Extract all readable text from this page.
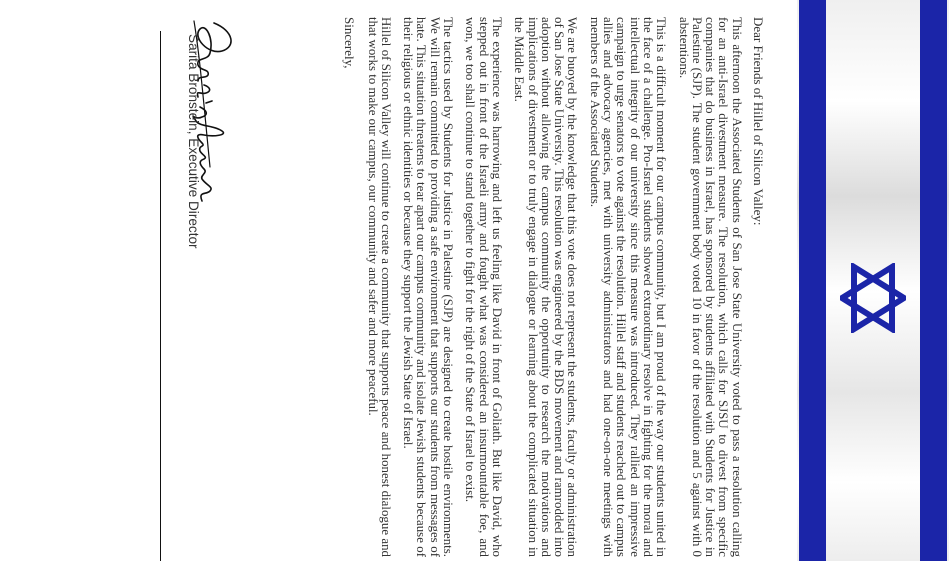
Dear Friends of Hillel of Silicon Valley:

This afternoon the Associated Students of San Jose State University voted to pass a resolution calling for an anti-Israel divestment measure. The resolution, which calls for SJSU to divest from specific companies that do business in Israel, has sponsored by students affiliated with Students for Justice in Palestine (SJP). The student government body voted 10 in favor of the resolution and 5 against with 0 abstentions.

This is a difficult moment for our campus community, but I am proud of the way our students united in the face of a challenge. Pro-Israel students showed extraordinary resolve in fighting for the moral and intellectual integrity of our university since this measure was introduced. They rallied an impressive campaign to urge senators to vote against the resolution. Hillel staff and students reached out to campus allies and advocacy agencies, met with university administrators and had one-on-one meetings with members of the Associated Students.

We are buoyed by the knowledge that this vote does not represent the students, faculty or administration of San Jose State University. This resolution was engineered by the BDS movement and ramrodded into adoption without allowing the campus community the opportunity to research the motivations and implications of divestment or to truly engage in dialogue or learning about the complicated situation in the Middle East.

The experience was harrowing and left us feeling like David in front of Goliath. But like David, who stepped out in front of the Israeli army and fought what was considered an insurmountable foe, and won, we too shall continue to stand together to fight for the right of the State of Israel to exist.

The tactics used by Students for Justice in Palestine (SJP) are designed to create hostile environments. We will remain committed to providing a safe environment that supports our students from messages of hate. This situation threatens to tear apart our campus community and isolate Jewish students because of their religious or ethnic identities or because they support the Jewish State of Israel.

Hillel of Silicon Valley will continue to create a community that supports peace and honest dialogue and that works to make our campus, our community and safer and more peaceful.

Sincerely,

Sarita Bronstein, Executive Director
